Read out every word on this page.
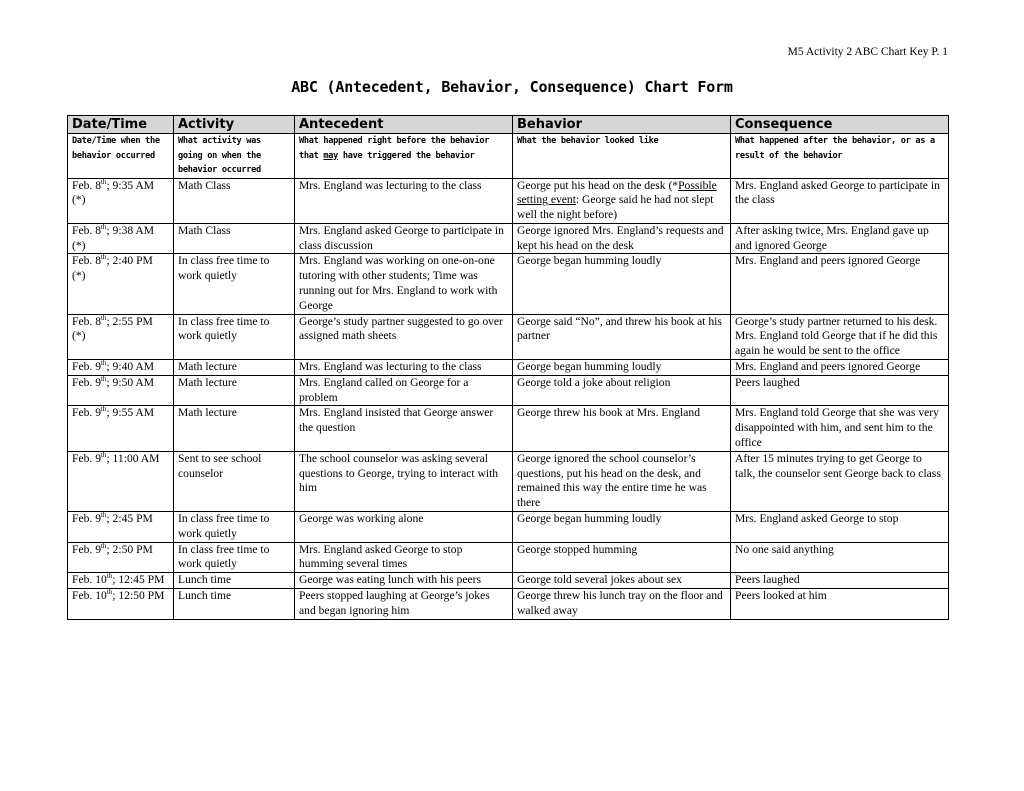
M5 Activity 2 ABC Chart Key P. 1
ABC (Antecedent, Behavior, Consequence) Chart Form
Date/Time	Activity	Antecedent	Behavior	Consequence
Date/Time when the behavior occurred	What activity was going on when the behavior occurred	What happened right before the behavior that may have triggered the behavior	What the behavior looked like	What happened after the behavior, or as a result of the behavior
Feb. 8th; 9:35 AM (*)	Math Class	Mrs. England was lecturing to the class	George put his head on the desk (*Possible setting event: George said he had not slept well the night before)	Mrs. England asked George to participate in the class
Feb. 8th; 9:38 AM (*)	Math Class	Mrs. England asked George to participate in class discussion	George ignored Mrs. England’s requests and kept his head on the desk	After asking twice, Mrs. England gave up and ignored George
Feb. 8th; 2:40 PM (*)	In class free time to work quietly	Mrs. England was working on one-on-one tutoring with other students; Time was running out for Mrs. England to work with George	George began humming loudly	Mrs. England and peers ignored George
Feb. 8th; 2:55 PM (*)	In class free time to work quietly	George’s study partner suggested to go over assigned math sheets	George said “No”, and threw his book at his partner	George’s study partner returned to his desk. Mrs. England told George that if he did this again he would be sent to the office
Feb. 9th; 9:40 AM	Math lecture	Mrs. England was lecturing to the class	George began humming loudly	Mrs. England and peers ignored George
Feb. 9th; 9:50 AM	Math lecture	Mrs. England called on George for a problem	George told a joke about religion	Peers laughed
Feb. 9th; 9:55 AM	Math lecture	Mrs. England insisted that George answer the question	George threw his book at Mrs. England	Mrs. England told George that she was very disappointed with him, and sent him to the office
Feb. 9th; 11:00 AM	Sent to see school counselor	The school counselor was asking several questions to George, trying to interact with him	George ignored the school counselor’s questions, put his head on the desk, and remained this way the entire time he was there	After 15 minutes trying to get George to talk, the counselor sent George back to class
Feb. 9th; 2:45 PM	In class free time to work quietly	George was working alone	George began humming loudly	Mrs. England asked George to stop
Feb. 9th; 2:50 PM	In class free time to work quietly	Mrs. England asked George to stop humming several times	George stopped humming	No one said anything
Feb. 10th; 12:45 PM	Lunch time	George was eating lunch with his peers	George told several jokes about sex	Peers laughed
Feb. 10th; 12:50 PM	Lunch time	Peers stopped laughing at George’s jokes and began ignoring him	George threw his lunch tray on the floor and walked away	Peers looked at him
